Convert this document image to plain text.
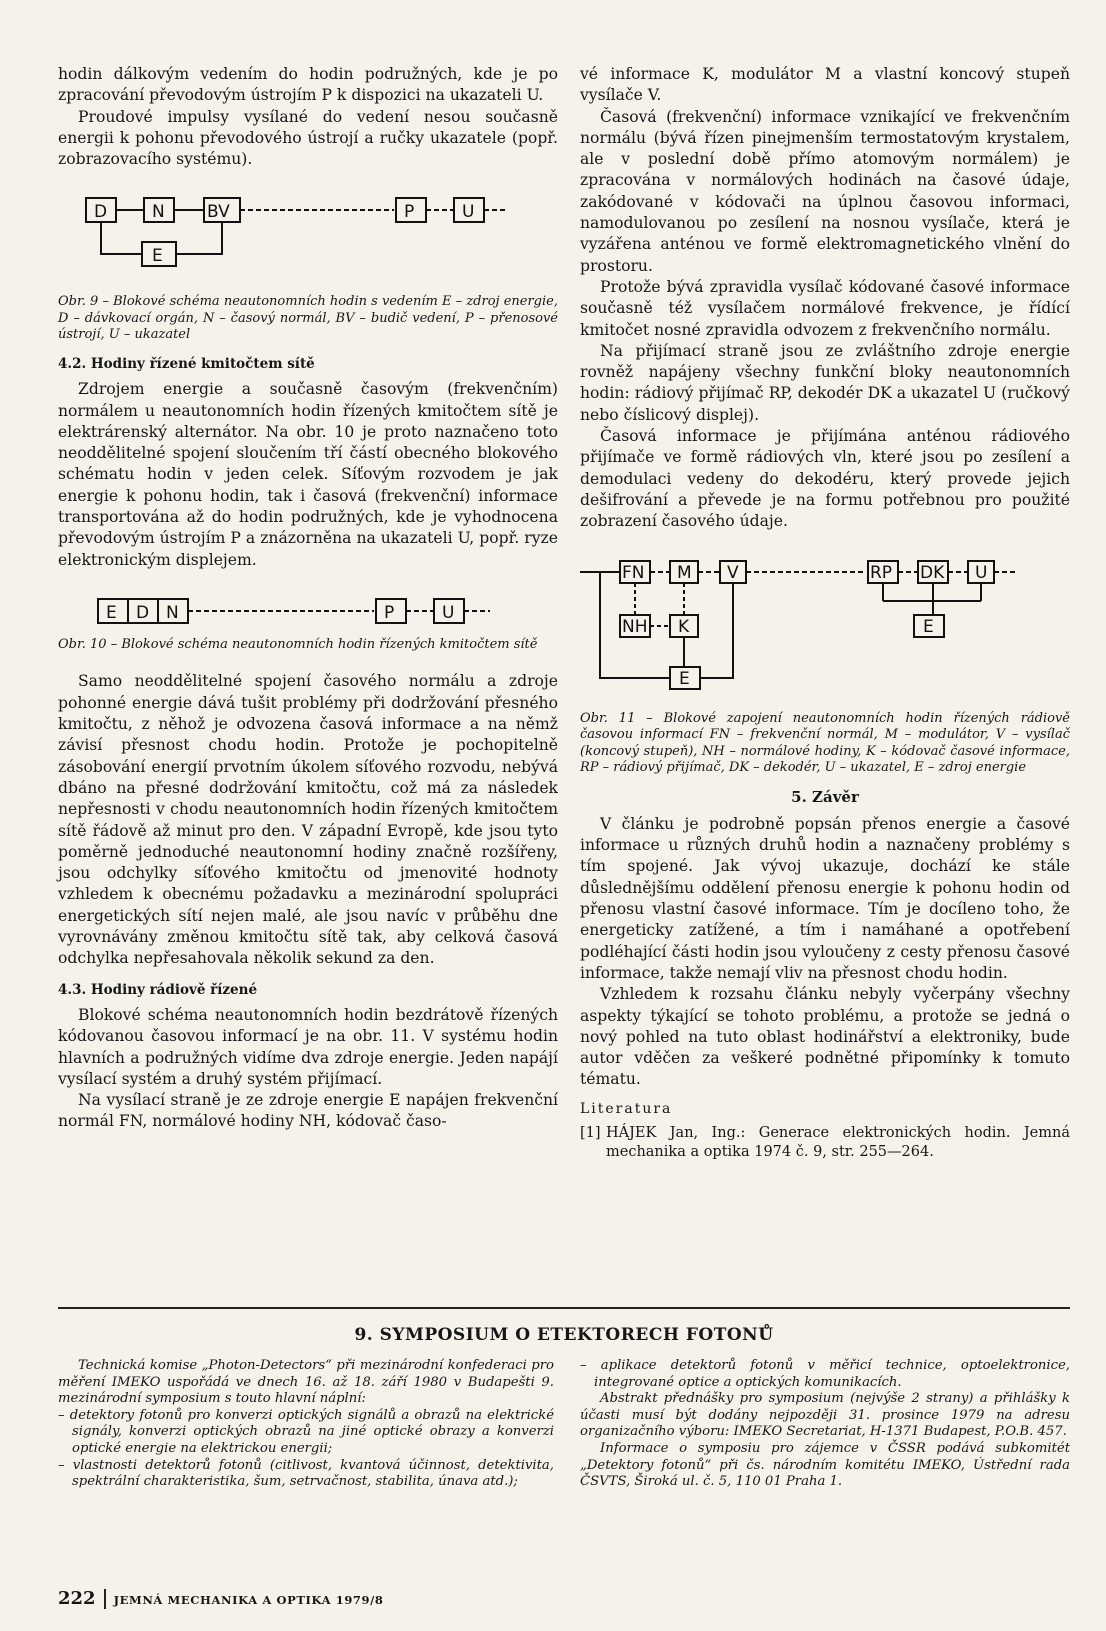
hodin dálkovým vedením do hodin podružných, kde je po zpracování převodovým ústrojím P k dispozici na ukazateli U.

Proudové impulsy vysílané do vedení nesou současně energii k pohonu převodového ústrojí a ručky ukazatele (popř. zobrazovacího systému).

D	N BV	P	U
E

Obr. 9 – Blokové schéma neautonomních hodin s vedením E – zdroj energie, D – dávkovací orgán, N – časový normál, BV – budič vedení, P – přenosové ústrojí, U – ukazatel

4.2. Hodiny řízené kmitočtem sítě

Zdrojem energie a současně časovým (frekvenčním) normálem u neautonomních hodin řízených kmitočtem sítě je elektrárenský alternátor. Na obr. 10 je proto naznačeno toto neoddělitelné spojení sloučením tří částí obecného blokového schématu hodin v jeden celek. Síťovým rozvodem je jak energie k pohonu hodin, tak i časová (frekvenční) informace transportována až do hodin podružných, kde je vyhodnocena převodovým ústrojím P a znázorněna na ukazateli U, popř. ryze elektronickým displejem.

E D N	P	U

Obr. 10 – Blokové schéma neautonomních hodin řízených kmitočtem sítě

Samo neoddělitelné spojení časového normálu a zdroje pohonné energie dává tušit problémy při dodržování přesného kmitočtu, z něhož je odvozena časová informace a na němž závisí přesnost chodu hodin. Protože je pochopitelně zásobování energií prvotním úkolem síťového rozvodu, nebývá dbáno na přesné dodržování kmitočtu, což má za následek nepřesnosti v chodu neautonomních hodin řízených kmitočtem sítě řádově až minut pro den. V západní Evropě, kde jsou tyto poměrně jednoduché neautonomní hodiny značně rozšířeny, jsou odchylky síťového kmitočtu od jmenovité hodnoty vzhledem k obecnému požadavku a mezinárodní spolupráci energetických sítí nejen malé, ale jsou navíc v průběhu dne vyrovnávány změnou kmitočtu sítě tak, aby celková časová odchylka nepřesahovala několik sekund za den.

4.3. Hodiny rádiově řízené

Blokové schéma neautonomních hodin bezdrátově řízených kódovanou časovou informací je na obr. 11. V systému hodin hlavních a podružných vidíme dva zdroje energie. Jeden napájí vysílací systém a druhý systém přijímací.

Na vysílací straně je ze zdroje energie E napájen frekvenční normál FN, normálové hodiny NH, kódovač časo-

vé informace K, modulátor M a vlastní koncový stupeň vysílače V.

Časová (frekvenční) informace vznikající ve frekvenčním normálu (bývá řízen pinejmenším termostatovým krystalem, ale v poslední době přímo atomovým normálem) je zpracována v normálových hodinách na časové údaje, zakódované v kódovači na úplnou časovou informaci, namodulovanou po zesílení na nosnou vysílače, která je vyzářena anténou ve formě elektromagnetického vlnění do prostoru.

Protože bývá zpravidla vysílač kódované časové informace současně též vysílačem normálové frekvence, je řídící kmitočet nosné zpravidla odvozem z frekvenčního normálu.

Na přijímací straně jsou ze zvláštního zdroje energie rovněž napájeny všechny funkční bloky neautonomních hodin: rádiový přijímač RP, dekodér DK a ukazatel U (ručkový nebo číslicový displej).

Časová informace je přijímána anténou rádiového přijímače ve formě rádiových vln, které jsou po zesílení a demodulaci vedeny do dekodéru, který provede jejich dešifrování a převede je na formu potřebnou pro použité zobrazení časového údaje.

FN M V	RP DK U
NH K
E
E

Obr. 11 – Blokové zapojení neautonomních hodin řízených rádiově časovou informací FN – frekvenční normál, M – modulátor, V – vysílač (koncový stupeň), NH – normálové hodiny, K – kódovač časové informace, RP – rádiový přijímač, DK – dekodér, U – ukazatel, E – zdroj energie

5. Závěr

V článku je podrobně popsán přenos energie a časové informace u různých druhů hodin a naznačeny problémy s tím spojené. Jak vývoj ukazuje, dochází ke stále důslednějšímu oddělení přenosu energie k pohonu hodin od přenosu vlastní časové informace. Tím je docíleno toho, že energeticky zatížené, a tím i namáhané a opotřebení podléhající části hodin jsou vyloučeny z cesty přenosu časové informace, takže nemají vliv na přesnost chodu hodin.

Vzhledem k rozsahu článku nebyly vyčerpány všechny aspekty týkající se tohoto problému, a protože se jedná o nový pohled na tuto oblast hodinářství a elektroniky, bude autor vděčen za veškeré podnětné připomínky k tomuto tématu.

Literatura

[1] HÁJEK Jan, Ing.: Generace elektronických hodin. Jemná mechanika a optika 1974 č. 9, str. 255—264.
9. SYMPOSIUM O ETEKTORECH FOTONŮ

Technická komise „Photon-Detectors“ při mezinárodní konfederaci pro měření IMEKO uspořádá ve dnech 16. až 18. září 1980 v Budapešti 9. mezinárodní symposium s touto hlavní náplní:

– detektory fotonů pro konverzi optických signálů a obrazů na elektrické signály, konverzi optických obrazů na jiné optické obrazy a konverzi optické energie na elektrickou energii;

– vlastnosti detektorů fotonů (citlivost, kvantová účinnost, detektivita, spektrální charakteristika, šum, setrvačnost, stabilita, únava atd.);

– aplikace detektorů fotonů v měřicí technice, optoelektronice, integrované optice a optických komunikacích.

Abstrakt přednášky pro symposium (nejvýše 2 strany) a přihlášky k účasti musí být dodány nejpozději 31. prosince 1979 na adresu organizačního výboru: IMEKO Secretariat, H-1371 Budapest, P.O.B. 457.

Informace o symposiu pro zájemce v ČSSR podává subkomitét „Detektory fotonů“ při čs. národním komitétu IMEKO, Ústřední rada ČSVTS, Široká ul. č. 5, 110 01 Praha 1.

222 JEMNÁ MECHANIKA A OPTIKA 1979/8
